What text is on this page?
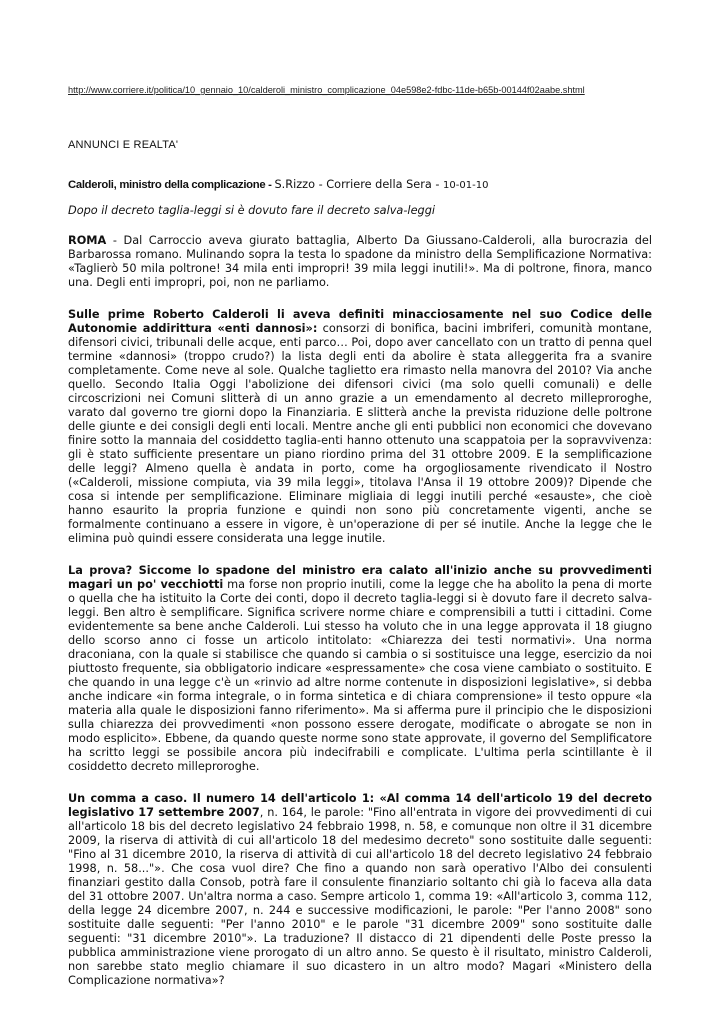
http://www.corriere.it/politica/10_gennaio_10/calderoli_ministro_complicazione_04e598e2-fdbc-11de-b65b-00144f02aabe.shtml
ANNUNCI E REALTA'
Calderoli, ministro della complicazione - S.Rizzo - Corriere della Sera - 10-01-10
Dopo il decreto taglia-leggi si è dovuto fare il decreto salva-leggi

ROMA - Dal Carroccio aveva giurato battaglia, Alberto Da Giussano-Calderoli, alla burocrazia del Barbarossa romano. Mulinando sopra la testa lo spadone da ministro della Semplificazione Normativa: «Taglierò 50 mila poltrone! 34 mila enti impropri! 39 mila leggi inutili!». Ma di poltrone, finora, manco una. Degli enti impropri, poi, non ne parliamo.

Sulle prime Roberto Calderoli li aveva definiti minacciosamente nel suo Codice delle Autonomie addirittura «enti dannosi»: consorzi di bonifica, bacini imbriferi, comunità montane, difensori civici, tribunali delle acque, enti parco… Poi, dopo aver cancellato con un tratto di penna quel termine «dannosi» (troppo crudo?) la lista degli enti da abolire è stata alleggerita fra a svanire completamente. Come neve al sole. Qualche taglietto era rimasto nella manovra del 2010? Via anche quello. Secondo Italia Oggi l'abolizione dei difensori civici (ma solo quelli comunali) e delle circoscrizioni nei Comuni slitterà di un anno grazie a un emendamento al decreto milleproroghe, varato dal governo tre giorni dopo la Finanziaria. E slitterà anche la prevista riduzione delle poltrone delle giunte e dei consigli degli enti locali. Mentre anche gli enti pubblici non economici che dovevano finire sotto la mannaia del cosiddetto taglia-enti hanno ottenuto una scappatoia per la sopravvivenza: gli è stato sufficiente presentare un piano riordino prima del 31 ottobre 2009. E la semplificazione delle leggi? Almeno quella è andata in porto, come ha orgogliosamente rivendicato il Nostro («Calderoli, missione compiuta, via 39 mila leggi», titolava l'Ansa il 19 ottobre 2009)? Dipende che cosa si intende per semplificazione. Eliminare migliaia di leggi inutili perché «esauste», che cioè hanno esaurito la propria funzione e quindi non sono più concretamente vigenti, anche se formalmente continuano a essere in vigore, è un'operazione di per sé inutile. Anche la legge che le elimina può quindi essere considerata una legge inutile.

La prova? Siccome lo spadone del ministro era calato all'inizio anche su provvedimenti magari un po' vecchiotti ma forse non proprio inutili, come la legge che ha abolito la pena di morte o quella che ha istituito la Corte dei conti, dopo il decreto taglia-leggi si è dovuto fare il decreto salva-leggi. Ben altro è semplificare. Significa scrivere norme chiare e comprensibili a tutti i cittadini. Come evidentemente sa bene anche Calderoli. Lui stesso ha voluto che in una legge approvata il 18 giugno dello scorso anno ci fosse un articolo intitolato: «Chiarezza dei testi normativi». Una norma draconiana, con la quale si stabilisce che quando si cambia o si sostituisce una legge, esercizio da noi piuttosto frequente, sia obbligatorio indicare «espressamente» che cosa viene cambiato o sostituito. E che quando in una legge c'è un «rinvio ad altre norme contenute in disposizioni legislative», si debba anche indicare «in forma integrale, o in forma sintetica e di chiara comprensione» il testo oppure «la materia alla quale le disposizioni fanno riferimento». Ma si afferma pure il principio che le disposizioni sulla chiarezza dei provvedimenti «non possono essere derogate, modificate o abrogate se non in modo esplicito». Ebbene, da quando queste norme sono state approvate, il governo del Semplificatore ha scritto leggi se possibile ancora più indecifrabili e complicate. L'ultima perla scintillante è il cosiddetto decreto milleproroghe.

Un comma a caso. Il numero 14 dell'articolo 1: «Al comma 14 dell'articolo 19 del decreto legislativo 17 settembre 2007, n. 164, le parole: "Fino all'entrata in vigore dei provvedimenti di cui all'articolo 18 bis del decreto legislativo 24 febbraio 1998, n. 58, e comunque non oltre il 31 dicembre 2009, la riserva di attività di cui all'articolo 18 del medesimo decreto" sono sostituite dalle seguenti: "Fino al 31 dicembre 2010, la riserva di attività di cui all'articolo 18 del decreto legislativo 24 febbraio 1998, n. 58..."». Che cosa vuol dire? Che fino a quando non sarà operativo l'Albo dei consulenti finanziari gestito dalla Consob, potrà fare il consulente finanziario soltanto chi già lo faceva alla data del 31 ottobre 2007. Un'altra norma a caso. Sempre articolo 1, comma 19: «All'articolo 3, comma 112, della legge 24 dicembre 2007, n. 244 e successive modificazioni, le parole: "Per l'anno 2008" sono sostituite dalle seguenti: "Per l'anno 2010" e le parole "31 dicembre 2009" sono sostituite dalle seguenti: "31 dicembre 2010"». La traduzione? Il distacco di 21 dipendenti delle Poste presso la pubblica amministrazione viene prorogato di un altro anno. Se questo è il risultato, ministro Calderoli, non sarebbe stato meglio chiamare il suo dicastero in un altro modo? Magari «Ministero della Complicazione normativa»?
